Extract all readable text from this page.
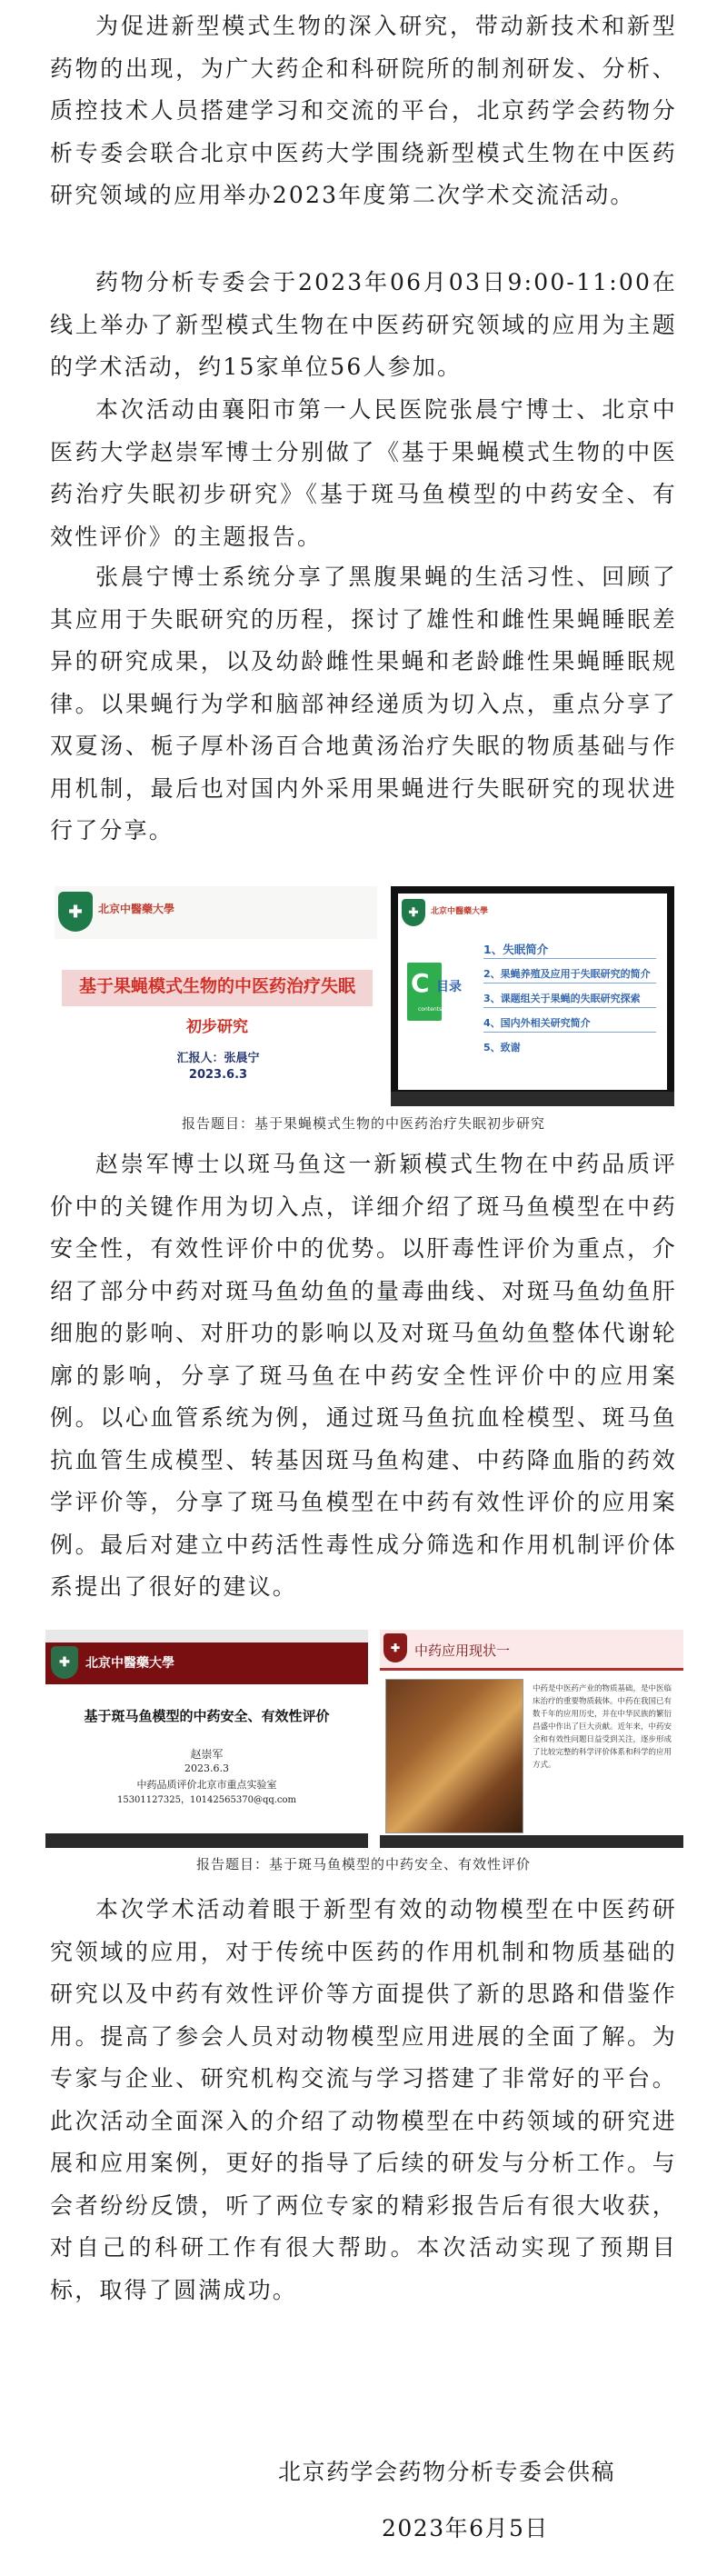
为促进新型模式生物的深入研究，带动新技术和新型药物的出现，为广大药企和科研院所的制剂研发、分析、质控技术人员搭建学习和交流的平台，北京药学会药物分析专委会联合北京中医药大学围绕新型模式生物在中医药研究领域的应用举办2023年度第二次学术交流活动。

药物分析专委会于2023年06月03日9:00-11:00在线上举办了新型模式生物在中医药研究领域的应用为主题的学术活动，约15家单位56人参加。

本次活动由襄阳市第一人民医院张晨宁博士、北京中医药大学赵崇军博士分别做了《基于果蝇模式生物的中医药治疗失眠初步研究》《基于斑马鱼模型的中药安全、有效性评价》的主题报告。

张晨宁博士系统分享了黑腹果蝇的生活习性、回顾了其应用于失眠研究的历程，探讨了雄性和雌性果蝇睡眠差异的研究成果，以及幼龄雌性果蝇和老龄雌性果蝇睡眠规律。以果蝇行为学和脑部神经递质为切入点，重点分享了双夏汤、栀子厚朴汤百合地黄汤治疗失眠的物质基础与作用机制，最后也对国内外采用果蝇进行失眠研究的现状进行了分享。

✚	北京中醫藥大學
基于果蝇模式生物的中医药治疗失眠
初步研究
汇报人：张晨宁
2023.6.3
✚	北京中醫藥大學
C 目录
contents
1、失眠简介
2、果蝇养殖及应用于失眠研究的简介
3、课题组关于果蝇的失眠研究探索
4、国内外相关研究简介
5、致谢
报告题目：基于果蝇模式生物的中医药治疗失眠初步研究

赵崇军博士以斑马鱼这一新颖模式生物在中药品质评价中的关键作用为切入点，详细介绍了斑马鱼模型在中药安全性，有效性评价中的优势。以肝毒性评价为重点，介绍了部分中药对斑马鱼幼鱼的量毒曲线、对斑马鱼幼鱼肝细胞的影响、对肝功的影响以及对斑马鱼幼鱼整体代谢轮廓的影响，分享了斑马鱼在中药安全性评价中的应用案例。以心血管系统为例，通过斑马鱼抗血栓模型、斑马鱼抗血管生成模型、转基因斑马鱼构建、中药降血脂的药效学评价等，分享了斑马鱼模型在中药有效性评价的应用案例。最后对建立中药活性毒性成分筛选和作用机制评价体系提出了很好的建议。

✚	北京中醫藥大學
基于斑马鱼模型的中药安全、有效性评价
赵崇军
2023.6.3
中药品质评价北京市重点实验室
15301127325，10142565370@qq.com
✚	中药应用现状一
中药是中医药产业的物质基础，是中医临床治疗的重要物质载体。中药在我国已有数千年的应用历史，并在中华民族的繁衍昌盛中作出了巨大贡献。近年来，中药安全和有效性问题日益受到关注，逐步形成了比较完整的科学评价体系和科学的应用方式。
报告题目：基于斑马鱼模型的中药安全、有效性评价

本次学术活动着眼于新型有效的动物模型在中医药研究领域的应用，对于传统中医药的作用机制和物质基础的研究以及中药有效性评价等方面提供了新的思路和借鉴作用。提高了参会人员对动物模型应用进展的全面了解。为专家与企业、研究机构交流与学习搭建了非常好的平台。此次活动全面深入的介绍了动物模型在中药领域的研究进展和应用案例，更好的指导了后续的研发与分析工作。与会者纷纷反馈，听了两位专家的精彩报告后有很大收获，对自己的科研工作有很大帮助。本次活动实现了预期目标，取得了圆满成功。

北京药学会药物分析专委会供稿
2023年6月5日
